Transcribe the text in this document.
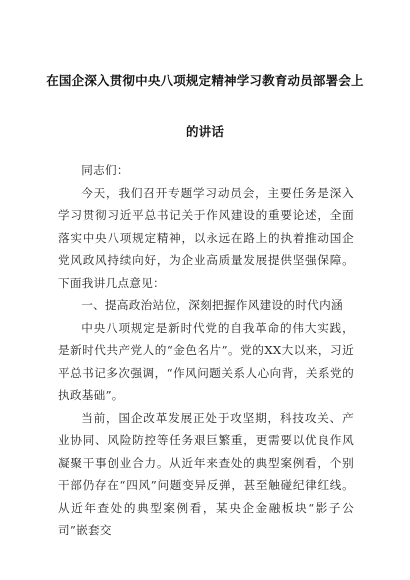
在国企深入贯彻中央八项规定精神学习教育动员部署会上
的讲话

同志们：

今天，我们召开专题学习动员会，主要任务是深入学习贯彻习近平总书记关于作风建设的重要论述，全面落实中央八项规定精神，以永远在路上的执着推动国企党风政风持续向好，为企业高质量发展提供坚强保障。下面我讲几点意见：

一、提高政治站位，深刻把握作风建设的时代内涵

中央八项规定是新时代党的自我革命的伟大实践，是新时代共产党人的“金色名片”。党的XX大以来，习近平总书记多次强调，“作风问题关系人心向背，关系党的执政基础”。

当前，国企改革发展正处于攻坚期，科技攻关、产业协同、风险防控等任务艰巨繁重，更需要以优良作风凝聚干事创业合力。从近年来查处的典型案例看，个别干部仍存在“四风”问题变异反弹，甚至触碰纪律红线。从近年查处的典型案例看，某央企金融板块“影子公司”嵌套交
